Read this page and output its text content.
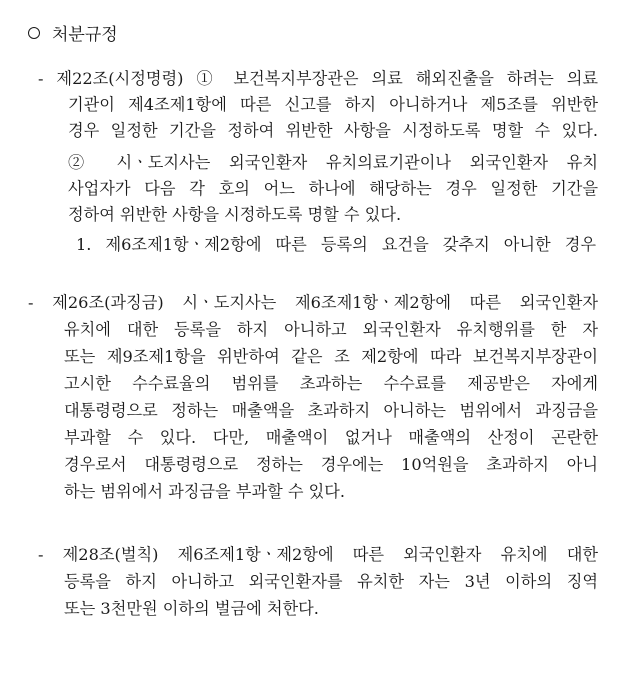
처분규정
- 제22조(시정명령) ① 보건복지부장관은 의료 해외진출을 하려는 의료
기관이 제4조제1항에 따른 신고를 하지 아니하거나 제5조를 위반한
경우 일정한 기간을 정하여 위반한 사항을 시정하도록 명할 수 있다.
② 시ㆍ도지사는 외국인환자 유치의료기관이나 외국인환자 유치
사업자가 다음 각 호의 어느 하나에 해당하는 경우 일정한 기간을
정하여 위반한 사항을 시정하도록 명할 수 있다.
1. 제6조제1항ㆍ제2항에 따른 등록의 요건을 갖추지 아니한 경우
- 제26조(과징금) 시ㆍ도지사는 제6조제1항ㆍ제2항에 따른 외국인환자
유치에 대한 등록을 하지 아니하고 외국인환자 유치행위를 한 자
또는 제9조제1항을 위반하여 같은 조 제2항에 따라 보건복지부장관이
고시한 수수료율의 범위를 초과하는 수수료를 제공받은 자에게
대통령령으로 정하는 매출액을 초과하지 아니하는 범위에서 과징금을
부과할 수 있다. 다만, 매출액이 없거나 매출액의 산정이 곤란한
경우로서 대통령령으로 정하는 경우에는 10억원을 초과하지 아니
하는 범위에서 과징금을 부과할 수 있다.
- 제28조(벌칙) 제6조제1항ㆍ제2항에 따른 외국인환자 유치에 대한
등록을 하지 아니하고 외국인환자를 유치한 자는 3년 이하의 징역
또는 3천만원 이하의 벌금에 처한다.
